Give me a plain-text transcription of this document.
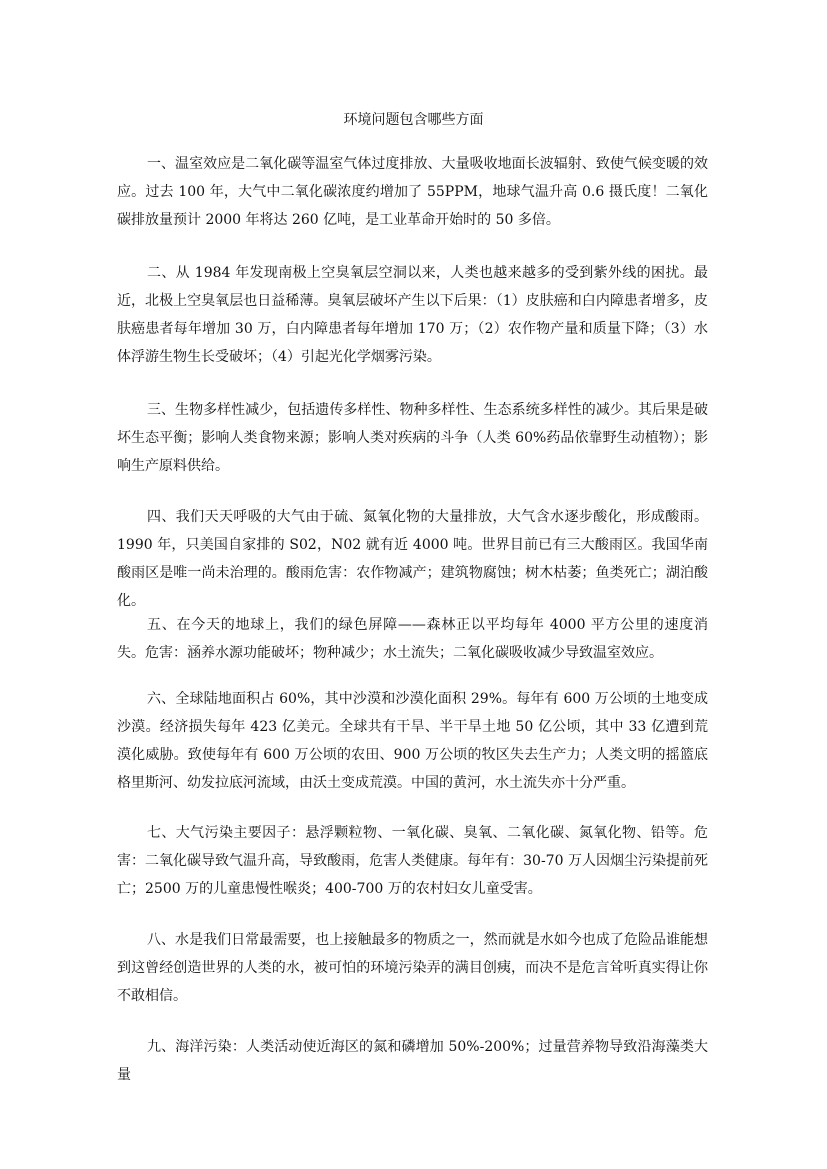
环境问题包含哪些方面

一、温室效应是二氧化碳等温室气体过度排放、大量吸收地面长波辐射、致使气候变暖的效应。过去 100 年，大气中二氧化碳浓度约增加了 55PPM，地球气温升高 0.6 摄氏度！二氧化碳排放量预计 2000 年将达 260 亿吨，是工业革命开始时的 50 多倍。

二、从 1984 年发现南极上空臭氧层空洞以来，人类也越来越多的受到紫外线的困扰。最近，北极上空臭氧层也日益稀薄。臭氧层破坏产生以下后果：（1）皮肤癌和白内障患者增多，皮肤癌患者每年增加 30 万，白内障患者每年增加 170 万；（2）农作物产量和质量下降；（3）水体浮游生物生长受破坏；（4）引起光化学烟雾污染。

三、生物多样性减少，包括遗传多样性、物种多样性、生态系统多样性的减少。其后果是破坏生态平衡；影响人类食物来源；影响人类对疾病的斗争（人类 60%药品依靠野生动植物）；影响生产原料供给。

四、我们天天呼吸的大气由于硫、氮氧化物的大量排放，大气含水逐步酸化，形成酸雨。1990 年，只美国自家排的 S02，N02 就有近 4000 吨。世界目前已有三大酸雨区。我国华南酸雨区是唯一尚未治理的。酸雨危害：农作物减产；建筑物腐蚀；树木枯萎；鱼类死亡；湖泊酸化。

五、在今天的地球上，我们的绿色屏障——森林正以平均每年 4000 平方公里的速度消失。危害：涵养水源功能破坏；物种减少；水土流失；二氧化碳吸收减少导致温室效应。

六、全球陆地面积占 60%，其中沙漠和沙漠化面积 29%。每年有 600 万公顷的土地变成沙漠。经济损失每年 423 亿美元。全球共有干旱、半干旱土地 50 亿公顷，其中 33 亿遭到荒漠化威胁。致使每年有 600 万公顷的农田、900 万公顷的牧区失去生产力；人类文明的摇篮底格里斯河、幼发拉底河流域，由沃土变成荒漠。中国的黄河，水土流失亦十分严重。

七、大气污染主要因子：悬浮颗粒物、一氧化碳、臭氧、二氧化碳、氮氧化物、铅等。危害：二氧化碳导致气温升高，导致酸雨，危害人类健康。每年有：30-70 万人因烟尘污染提前死亡；2500 万的儿童患慢性喉炎；400-700 万的农村妇女儿童受害。

八、水是我们日常最需要，也上接触最多的物质之一，然而就是水如今也成了危险品谁能想到这曾经创造世界的人类的水，被可怕的环境污染弄的满目创痍，而决不是危言耸听真实得让你不敢相信。

九、海洋污染：人类活动使近海区的氮和磷增加 50%-200%；过量营养物导致沿海藻类大量
